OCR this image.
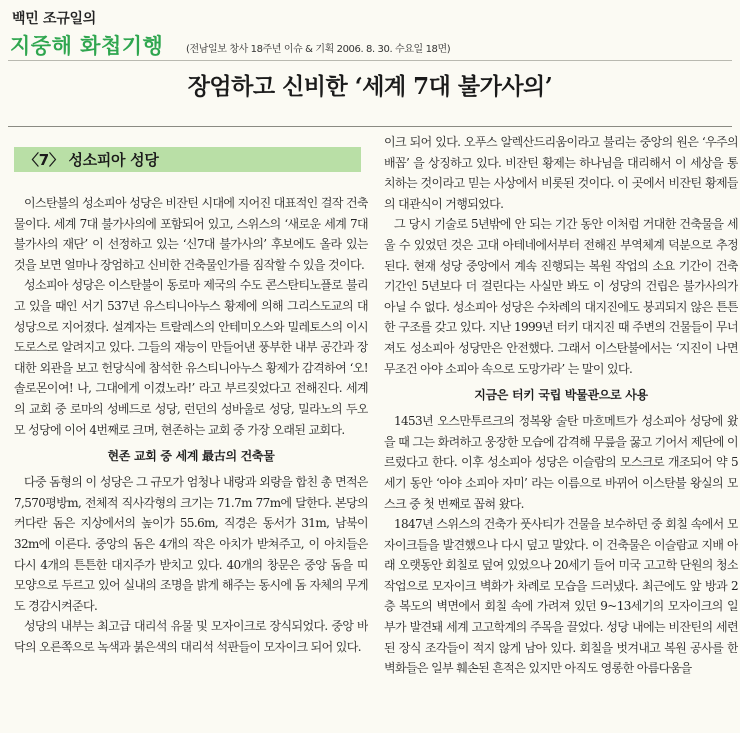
백민 조규일의
지중해 화첩기행 (전남일보 창사 18주년 이슈 & 기획 2006. 8. 30. 수요일 18면)
장엄하고 신비한 ‘세계 7대 불가사의’
〈7〉 성소피아 성당

이스탄불의 성소피아 성당은 비잔틴 시대에 지어진 대표적인 걸작 건축물이다. 세계 7대 불가사의에 포함되어 있고, 스위스의 ‘새로운 세계 7대 불가사의 재단’ 이 선정하고 있는 ‘신7대 불가사의’ 후보에도 올라 있는 것을 보면 얼마나 장엄하고 신비한 건축물인가를 짐작할 수 있을 것이다.

성소피아 성당은 이스탄불이 동로마 제국의 수도 콘스탄티노플로 불리고 있을 때인 서기 537년 유스티니아누스 황제에 의해 그리스도교의 대성당으로 지어졌다. 설계자는 트랄레스의 안테미오스와 밀레토스의 이시도로스로 알려지고 있다. 그들의 재능이 만들어낸 풍부한 내부 공간과 장대한 외관을 보고 헌당식에 참석한 유스티니아누스 황제가 감격하여 ‘오! 솔로몬이여! 나, 그대에게 이겼노라!’ 라고 부르짖었다고 전해진다. 세계의 교회 중 로마의 성베드로 성당, 런던의 성바울로 성당, 밀라노의 두오모 성당에 이어 4번째로 크며, 현존하는 교회 중 가장 오래된 교회다.

현존 교회 중 세계 最古의 건축물

다중 돔형의 이 성당은 그 규모가 엄청나 내랑과 외랑을 합친 총 면적은 7,570평방m, 전체적 직사각형의 크기는 71.7m 77m에 달한다. 본당의 커다란 돔은 지상에서의 높이가 55.6m, 직경은 동서가 31m, 남북이 32m에 이른다. 중앙의 돔은 4개의 작은 아치가 받쳐주고, 이 아치들은 다시 4개의 튼튼한 대지주가 받치고 있다. 40개의 창문은 중앙 돔을 띠 모양으로 두르고 있어 실내의 조명을 밝게 해주는 동시에 돔 자체의 무게도 경감시켜준다.

성당의 내부는 최고급 대리석 유물 및 모자이크로 장식되었다. 중앙 바닥의 오른쪽으로 녹색과 붉은색의 대리석 석판들이 모자이크 되어 있다.

이크 되어 있다. 오푸스 알렉산드리움이라고 불리는 중앙의 원은 ‘우주의 배꼽’ 을 상징하고 있다. 비잔틴 황제는 하나님을 대리해서 이 세상을 통치하는 것이라고 믿는 사상에서 비롯된 것이다. 이 곳에서 비잔틴 황제들의 대관식이 거행되었다.

그 당시 기술로 5년밖에 안 되는 기간 동안 이처럼 거대한 건축물을 세울 수 있었던 것은 고대 아테네에서부터 전해진 부역체계 덕분으로 추정된다. 현재 성당 중앙에서 계속 진행되는 복원 작업의 소요 기간이 건축 기간인 5년보다 더 걸린다는 사실만 봐도 이 성당의 건립은 불가사의가 아닐 수 없다. 성소피아 성당은 수차례의 대지진에도 붕괴되지 않은 튼튼한 구조를 갖고 있다. 지난 1999년 터키 대지진 때 주변의 건물들이 무너져도 성소피아 성당만은 안전했다. 그래서 이스탄불에서는 ‘지진이 나면 무조건 아야 소피아 속으로 도망가라’ 는 말이 있다.

지금은 터키 국립 박물관으로 사용

1453년 오스만투르크의 정복왕 술탄 마흐메트가 성소피아 성당에 왔을 때 그는 화려하고 웅장한 모습에 감격해 무릎을 꿇고 기어서 제단에 이르렀다고 한다. 이후 성소피아 성당은 이슬람의 모스크로 개조되어 약 5세기 동안 ‘아야 소피아 자미’ 라는 이름으로 바뀌어 이스탄불 왕실의 모스크 중 첫 번째로 꼽혀 왔다.

1847년 스위스의 건축가 풋사티가 건물을 보수하던 중 회칠 속에서 모자이크들을 발견했으나 다시 덮고 말았다. 이 건축물은 이슬람교 지배 아래 오랫동안 회칠로 덮여 있었으나 20세기 들어 미국 고고학 단원의 청소작업으로 모자이크 벽화가 차례로 모습을 드러냈다. 최근에도 앞 방과 2층 복도의 벽면에서 회칠 속에 가려져 있던 9~13세기의 모자이크의 일부가 발견돼 세계 고고학계의 주목을 끌었다. 성당 내에는 비잔틴의 세련된 장식 조각들이 적지 않게 남아 있다. 회칠을 벗겨내고 복원 공사를 한 벽화들은 일부 훼손된 흔적은 있지만 아직도 영롱한 아름다움을
